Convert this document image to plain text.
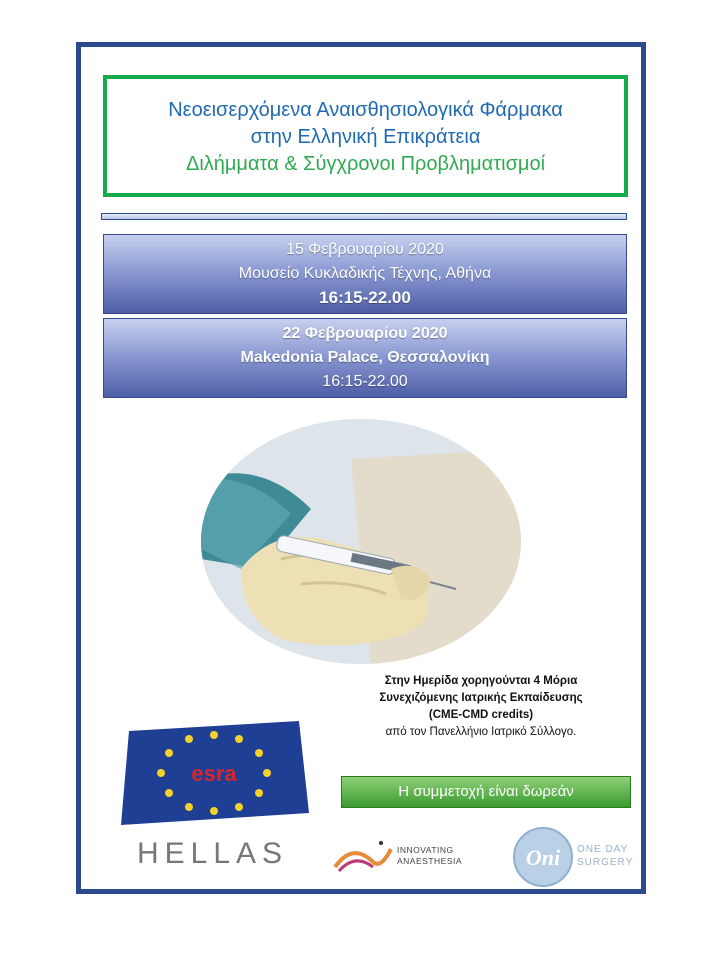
Νεοεισερχόμενα Αναισθησιολογικά Φάρμακα
στην Ελληνική Επικράτεια
Διλήμματα & Σύγχρονοι Προβληματισμοί
15 Φεβρουαρίου 2020
Μουσείο Κυκλαδικής Τέχνης, Αθήνα
16:15-22.00
22 Φεβρουαρίου 2020
Makedonia Palace, Θεσσαλονίκη
16:15-22.00
Στην Ημερίδα χορηγούνται 4 Μόρια
Συνεχιζόμενης Ιατρικής Εκπαίδευσης
(CME-CMD credits)
από τον Πανελλήνιο Ιατρικό Σύλλογο.
Η συμμετοχή είναι δωρεάν
esra
HELLAS	INNOVATING
ANAESTHESIA	Oni ONE DAY
SURGERY
